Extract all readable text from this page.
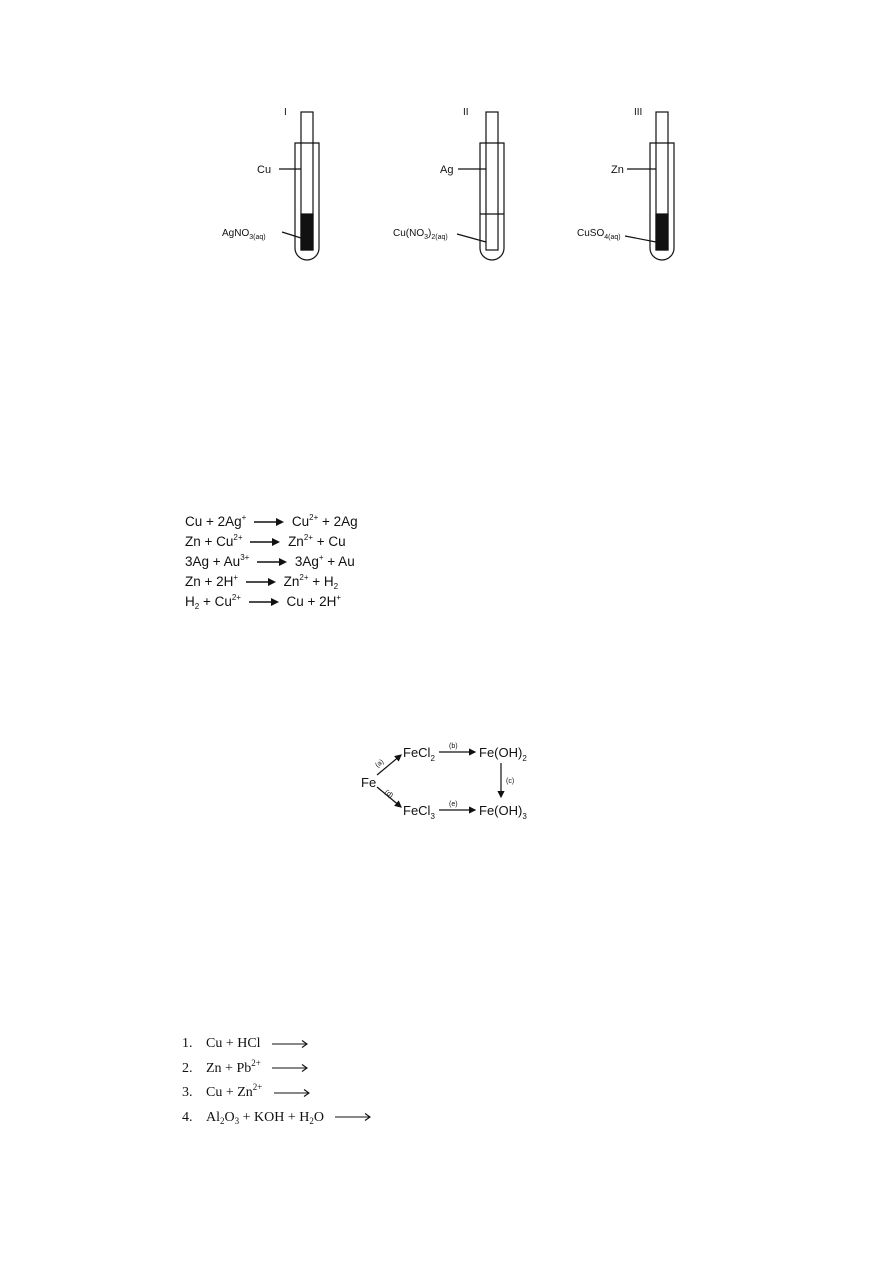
I
Cu
AgNO$_{3(aq)}$
II
Ag
$Cu(NO_3)_{2(aq)}$
III
Zn
CuSO$_{4(aq)}$
$Cu + 2Ag^+ \to Cu^{2+} + 2Ag$
$Zn + Cu^{2+} \to Zn^{2+} + Cu$
$3Ag + Au^{3+} \to 3Ag^+ + Au$
$Zn + 2H^+ \to Zn^{2+} + H_2$
$H_2 + Cu^{2+} \to Cu + 2H^+$
Fe
FeCl$_2$	$Fe(OH)_2$
FeCl$_3$	$Fe(OH)_3$
(a)
(d)
(b)
(e)
(c)
1. Cu + HCl
2. $Zn + Pb^{2+}$
3. $Cu + Zn^{2+}$
4. $Al_2O_3$ + KOH + $H_2O$
